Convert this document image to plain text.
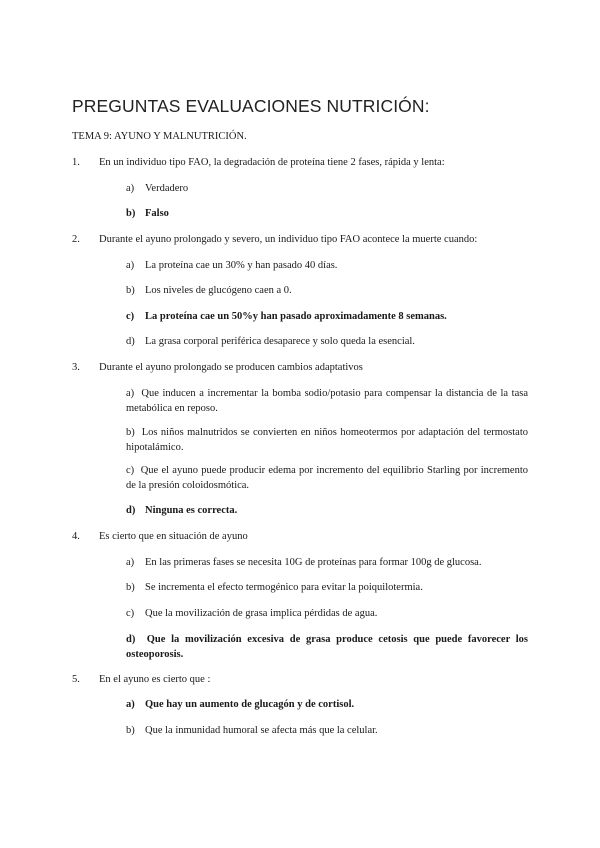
PREGUNTAS EVALUACIONES NUTRICIÓN:
TEMA 9: AYUNO Y MALNUTRICIÓN.
1. En un individuo tipo FAO, la degradación de proteína tiene 2 fases, rápida y lenta:
a) Verdadero
b) Falso
2. Durante el ayuno prolongado y severo, un individuo tipo FAO acontece la muerte cuando:
a) La proteína cae un 30% y han pasado 40 días.
b) Los niveles de glucógeno caen a 0.
c) La proteína cae un 50%y han pasado aproximadamente 8 semanas.
d) La grasa corporal periférica desaparece y solo queda la esencial.
3. Durante el ayuno prolongado se producen cambios adaptativos
a) Que inducen a incrementar la bomba sodio/potasio para compensar la distancia de la tasa metabólica en reposo.
b) Los niños malnutridos se convierten en niños homeotermos por adaptación del termostato hipotalámico.
c) Que el ayuno puede producir edema por incremento del equilibrio Starling por incremento de la presión coloidosmótica.
d) Ninguna es correcta.
4. Es cierto que en situación de ayuno
a) En las primeras fases se necesita 10G de proteínas para formar 100g de glucosa.
b) Se incrementa el efecto termogénico para evitar la poiquilotermia.
c) Que la movilización de grasa implica pérdidas de agua.
d) Que la movilización excesiva de grasa produce cetosis que puede favorecer los osteoporosis.
5. En el ayuno es cierto que :
a) Que hay un aumento de glucagón y de cortisol.
b) Que la inmunidad humoral se afecta más que la celular.
